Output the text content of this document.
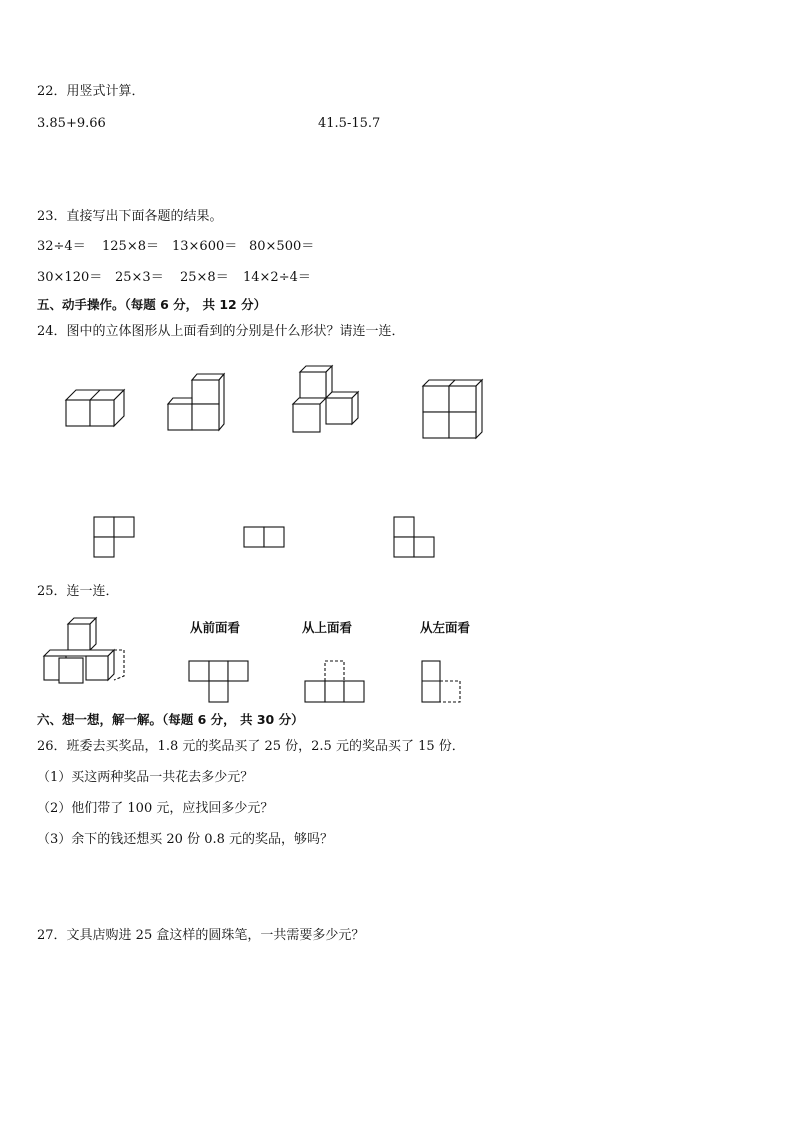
22．用竖式计算．
3.85+9.66	41.5-15.7
23．直接写出下面各题的结果。
32÷4＝ 125×8＝ 13×600＝ 80×500＝
30×120＝ 25×3＝ 25×8＝ 14×2÷4＝
五、动手操作。（每题 6 分， 共 12 分）
24．图中的立体图形从上面看到的分别是什么形状？请连一连．
25．连一连．
从前面看	从上面看	从左面看
六、想一想，解一解。（每题 6 分， 共 30 分）
26．班委去买奖品，1.8 元的奖品买了 25 份，2.5 元的奖品买了 15 份．
（1）买这两种奖品一共花去多少元？
（2）他们带了 100 元，应找回多少元？
（3）余下的钱还想买 20 份 0.8 元的奖品，够吗？
27．文具店购进 25 盒这样的圆珠笔，一共需要多少元？
